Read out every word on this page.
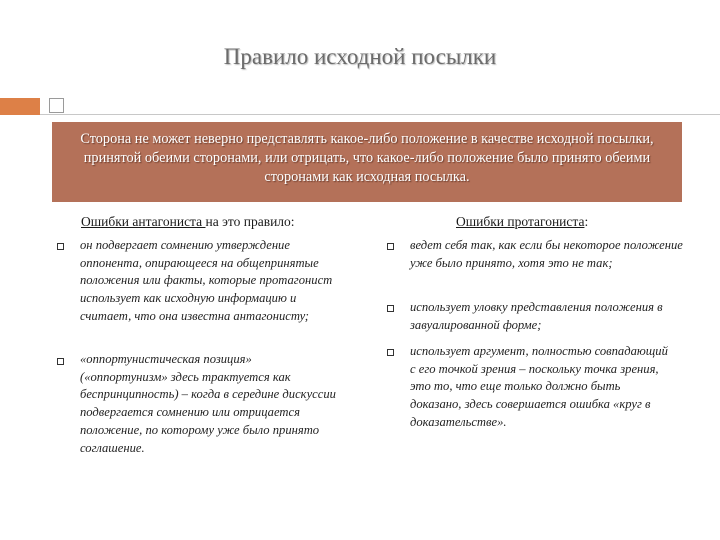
Правило исходной посылки
Сторона не может неверно представлять какое-либо положение в качестве исходной посылки, принятой обеими сторонами, или отрицать, что какое-либо положение было принято обеими сторонами как исходная посылка.
Ошибки антагониста на это правило:	Ошибки протагониста:
он подвергает сомнению утверждение оппонента, опирающееся на общепринятые положения или факты, которые протагонист использует как исходную информацию и считает, что она известна антагонисту;
«оппортунистическая позиция» («оппортунизм» здесь трактуется как беспринципность) – когда в середине дискуссии подвергается сомнению или отрицается положение, по которому уже было принято соглашение.
ведет себя так, как если бы некоторое положение уже было принято, хотя это не так;
использует уловку представления положения в завуалированной форме;
использует аргумент, полностью совпадающий с его точкой зрения – поскольку точка зрения, это то, что еще только должно быть доказано, здесь совершается ошибка «круг в доказательстве».
